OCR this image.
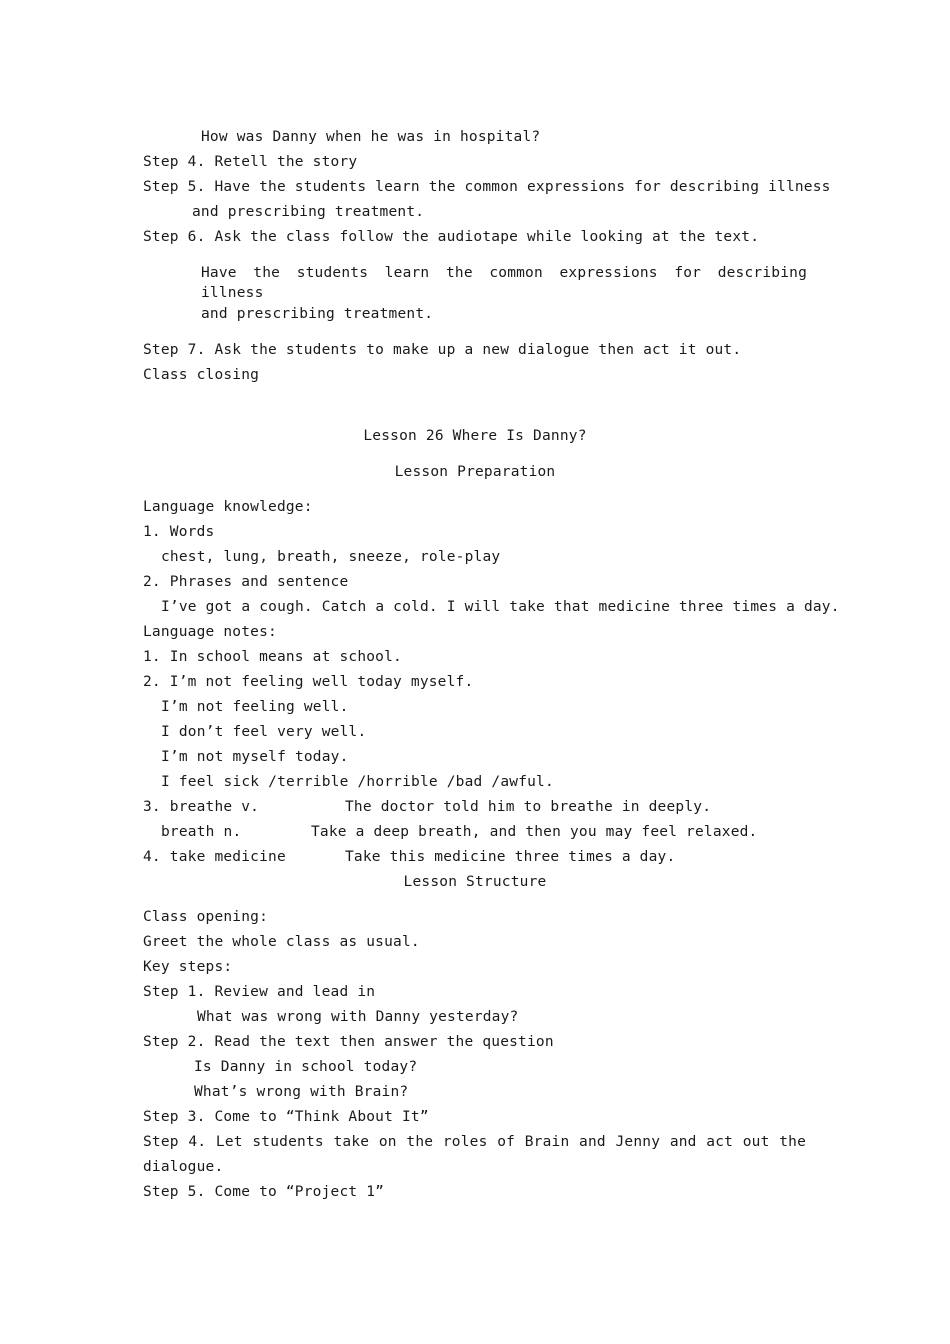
How was Danny when he was in hospital?
Step 4. Retell the story
Step 5. Have the students learn the common expressions for describing illness
and prescribing treatment.
Step 6. Ask the class follow the audiotape while looking at the text.
Have the students learn the common expressions for describing illness
and prescribing treatment.
Step 7. Ask the students to make up a new dialogue then act it out.
Class closing
Lesson 26 Where Is Danny?
Lesson Preparation
Language knowledge:
1. Words
chest, lung, breath, sneeze, role-play
2. Phrases and sentence
I’ve got a cough. Catch a cold. I will take that medicine three times a day.
Language notes:
1. In school means at school.
2. I’m not feeling well today myself.
I’m not feeling well.
I don’t feel very well.
I’m not myself today.
I feel sick /terrible /horrible /bad /awful.
3. breathe v.	The doctor told him to breathe in deeply.
breath n.	Take a deep breath, and then you may feel relaxed.
4. take medicine	Take this medicine three times a day.
Lesson Structure
Class opening:
Greet the whole class as usual.
Key steps:
Step 1. Review and lead in
What was wrong with Danny yesterday?
Step 2. Read the text then answer the question
Is Danny in school today?
What’s wrong with Brain?
Step 3. Come to “Think About It”
Step 4. Let students take on the roles of Brain and Jenny and act out the
dialogue.
Step 5. Come to “Project 1”
